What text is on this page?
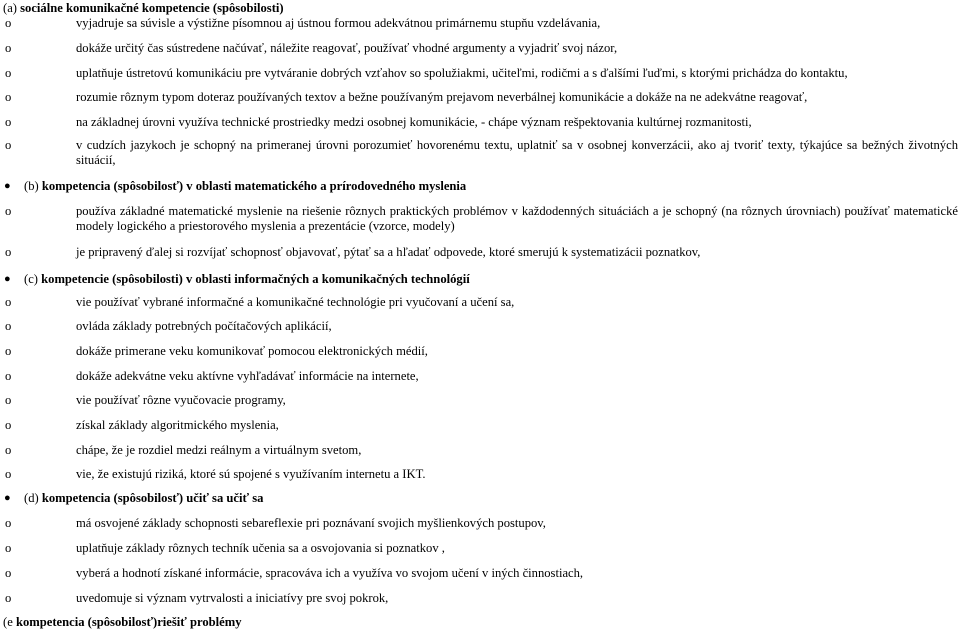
(a) sociálne komunikačné kompetencie (spôsobilosti)
o	vyjadruje sa súvisle a výstižne písomnou aj ústnou formou adekvátnou primárnemu stupňu vzdelávania,
o	dokáže určitý čas sústredene načúvať, náležite reagovať, používať vhodné argumenty a vyjadriť svoj názor,
o	uplatňuje ústretovú komunikáciu pre vytváranie dobrých vzťahov so spolužiakmi, učiteľmi, rodičmi a s ďalšími ľuďmi, s ktorými prichádza do kontaktu,
o	rozumie rôznym typom doteraz používaných textov a bežne používaným prejavom neverbálnej komunikácie a dokáže na ne adekvátne reagovať,
o	na základnej úrovni využíva technické prostriedky medzi osobnej komunikácie, - chápe význam rešpektovania kultúrnej rozmanitosti,
o	v cudzích jazykoch je schopný na primeranej úrovni porozumieť hovorenému textu, uplatniť sa v osobnej konverzácii, ako aj tvoriť texty, týkajúce sa bežných životných situácií,
● (b) kompetencia (spôsobilosť) v oblasti matematického a prírodovedného myslenia
o	používa základné matematické myslenie na riešenie rôznych praktických problémov v každodenných situáciách a je schopný (na rôznych úrovniach) používať matematické modely logického a priestorového myslenia a prezentácie (vzorce, modely)
o	je pripravený ďalej si rozvíjať schopnosť objavovať, pýtať sa a hľadať odpovede, ktoré smerujú k systematizácii poznatkov,
● (c) kompetencie (spôsobilosti) v oblasti informačných a komunikačných technológií
o	vie používať vybrané informačné a komunikačné technológie pri vyučovaní a učení sa,
o	ovláda základy potrebných počítačových aplikácií,
o	dokáže primerane veku komunikovať pomocou elektronických médií,
o	dokáže adekvátne veku aktívne vyhľadávať informácie na internete,
o	vie používať rôzne vyučovacie programy,
o	získal základy algoritmického myslenia,
o	chápe, že je rozdiel medzi reálnym a virtuálnym svetom,
o	vie, že existujú riziká, ktoré sú spojené s využívaním internetu a IKT.
● (d) kompetencia (spôsobilosť) učiť sa učiť sa
o	má osvojené základy schopnosti sebareflexie pri poznávaní svojich myšlienkových postupov,
o	uplatňuje základy rôznych techník učenia sa a osvojovania si poznatkov ,
o	vyberá a hodnotí získané informácie, spracováva ich a využíva vo svojom učení v iných činnostiach,
o	uvedomuje si význam vytrvalosti a iniciatívy pre svoj pokrok,
(e kompetencia (spôsobilosť)riešiť problémy
